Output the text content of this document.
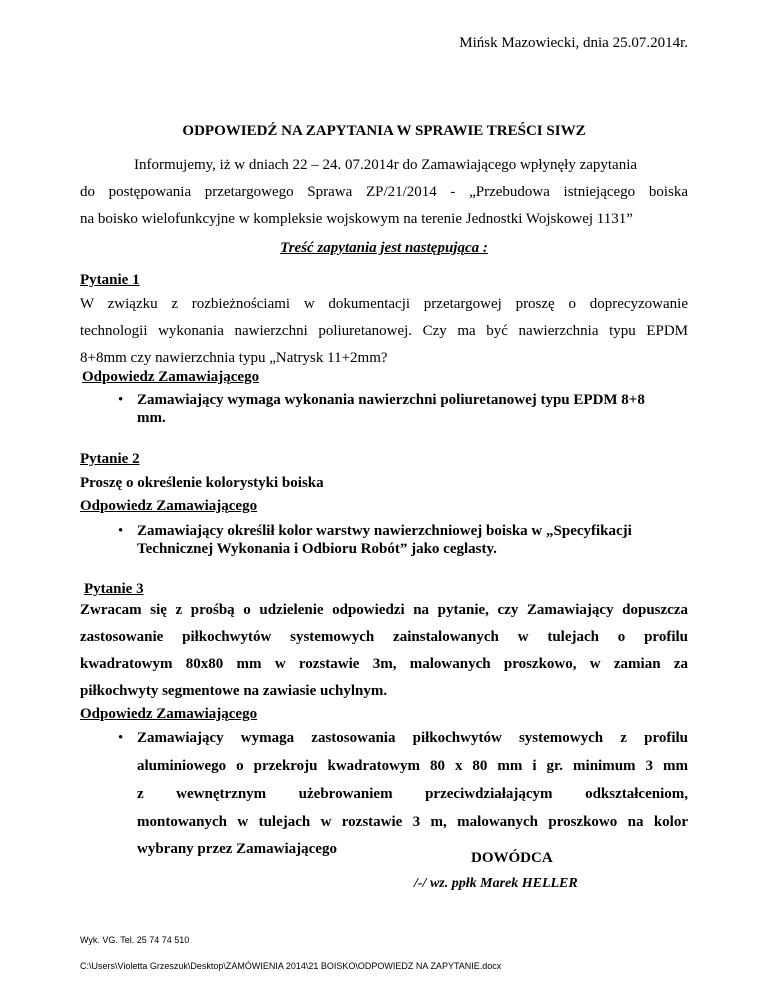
Mińsk Mazowiecki, dnia 25.07.2014r.
ODPOWIEDŹ NA ZAPYTANIA W SPRAWIE TREŚCI SIWZ
Informujemy, iż w dniach 22 – 24. 07.2014r do Zamawiającego wpłynęły zapytania
do postępowania przetargowego Sprawa ZP/21/2014 - „Przebudowa istniejącego boiska
na boisko wielofunkcyjne w kompleksie wojskowym na terenie Jednostki Wojskowej 1131”
Treść zapytania jest następująca :
Pytanie 1
W związku z rozbieżnościami w dokumentacji przetargowej proszę o doprecyzowanie
technologii wykonania nawierzchni poliuretanowej. Czy ma być nawierzchnia typu EPDM
8+8mm czy nawierzchnia typu „Natrysk 11+2mm?
Odpowiedz Zamawiającego
• Zamawiający wymaga wykonania nawierzchni poliuretanowej typu EPDM 8+8
mm.
Pytanie 2
Proszę o określenie kolorystyki boiska
Odpowiedz Zamawiającego
• Zamawiający określił kolor warstwy nawierzchniowej boiska w „Specyfikacji
Technicznej Wykonania i Odbioru Robót” jako ceglasty.
Pytanie 3
Zwracam się z prośbą o udzielenie odpowiedzi na pytanie, czy Zamawiający dopuszcza
zastosowanie piłkochwytów systemowych zainstalowanych w tulejach o profilu
kwadratowym 80x80 mm w rozstawie 3m, malowanych proszkowo, w zamian za
piłkochwyty segmentowe na zawiasie uchylnym.
Odpowiedz Zamawiającego
• Zamawiający wymaga zastosowania piłkochwytów systemowych z profilu
aluminiowego o przekroju kwadratowym 80 x 80 mm i gr. minimum 3 mm
z wewnętrznym użebrowaniem przeciwdziałającym odkształceniom,
montowanych w tulejach w rozstawie 3 m, malowanych proszkowo na kolor
wybrany przez Zamawiającego
DOWÓDCA
/-/ wz. ppłk Marek HELLER
Wyk. VG. Tel. 25 74 74 510
C:\Users\Violetta Grzeszuk\Desktop\ZAMÓWIENIA 2014\21 BOISKO\ODPOWIEDZ NA ZAPYTANIE.docx
